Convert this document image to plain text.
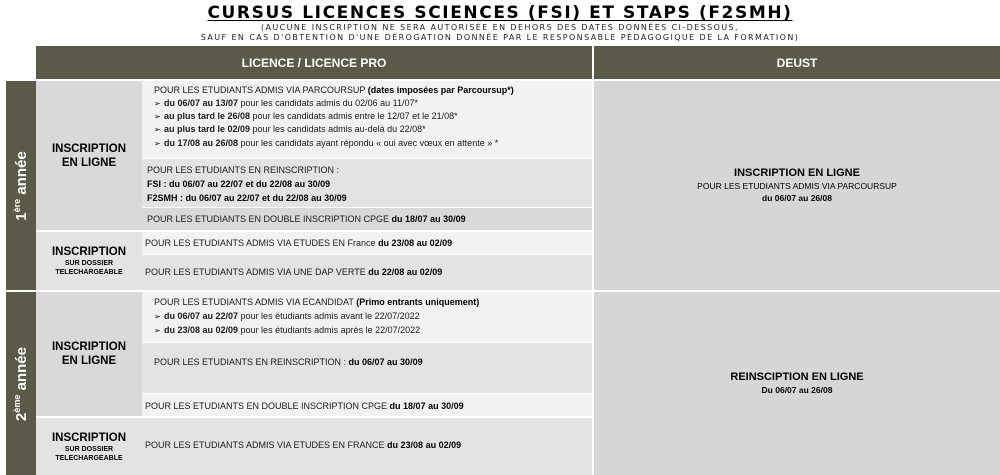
CURSUS LICENCES SCIENCES (FSI) ET STAPS (F2SMH)
(AUCUNE INSCRIPTION NE SERA AUTORISÉE EN DEHORS DES DATES DONNÉES CI-DESSOUS,
SAUF EN CAS D'OBTENTION D'UNE DÉROGATION DONNÉE PAR LE RESPONSABLE PÉDAGOGIQUE DE LA FORMATION)
LICENCE / LICENCE PRO	DEUST
1ère année
INSCRIPTION
EN LIGNE
POUR LES ETUDIANTS ADMIS VIA PARCOURSUP (dates imposées par Parcoursup*)
➢ du 06/07 au 13/07 pour les candidats admis du 02/06 au 11/07*
➢ au plus tard le 26/08 pour les candidats admis entre le 12/07 et le 21/08*
➢ au plus tard le 02/09 pour les candidats admis au-delà du 22/08*
➢ du 17/08 au 26/08 pour les candidats ayant répondu « oui avec vœux en attente » *
POUR LES ETUDIANTS EN REINSCRIPTION :
FSI : du 06/07 au 22/07 et du 22/08 au 30/09
F2SMH : du 06/07 au 22/07 et du 22/08 au 30/09
POUR LES ETUDIANTS EN DOUBLE INSCRIPTION CPGE du 18/07 au 30/09
INSCRIPTION
SUR DOSSIER
TELECHARGEABLE
POUR LES ETUDIANTS ADMIS VIA ETUDES EN France du 23/08 au 02/09
POUR LES ETUDIANTS ADMIS VIA UNE DAP VERTE du 22/08 au 02/09
INSCRIPTION EN LIGNE
POUR LES ETUDIANTS ADMIS VIA PARCOURSUP
du 06/07 au 26/08
2ème année INSCRIPTION
EN LIGNE
POUR LES ETUDIANTS ADMIS VIA ECANDIDAT (Primo entrants uniquement)
➢ du 06/07 au 22/07 pour les étudiants admis avant le 22/07/2022
➢ du 23/08 au 02/09 pour les étudiants admis après le 22/07/2022
POUR LES ETUDIANTS EN REINSCRIPTION : du 06/07 au 30/09
POUR LES ETUDIANTS EN DOUBLE INSCRIPTION CPGE du 18/07 au 30/09
INSCRIPTION
SUR DOSSIER
TELECHARGEABLE
POUR LES ETUDIANTS ADMIS VIA ETUDES EN FRANCE du 23/08 au 02/09
REINSCIPTION EN LIGNE
Du 06/07 au 26/08
